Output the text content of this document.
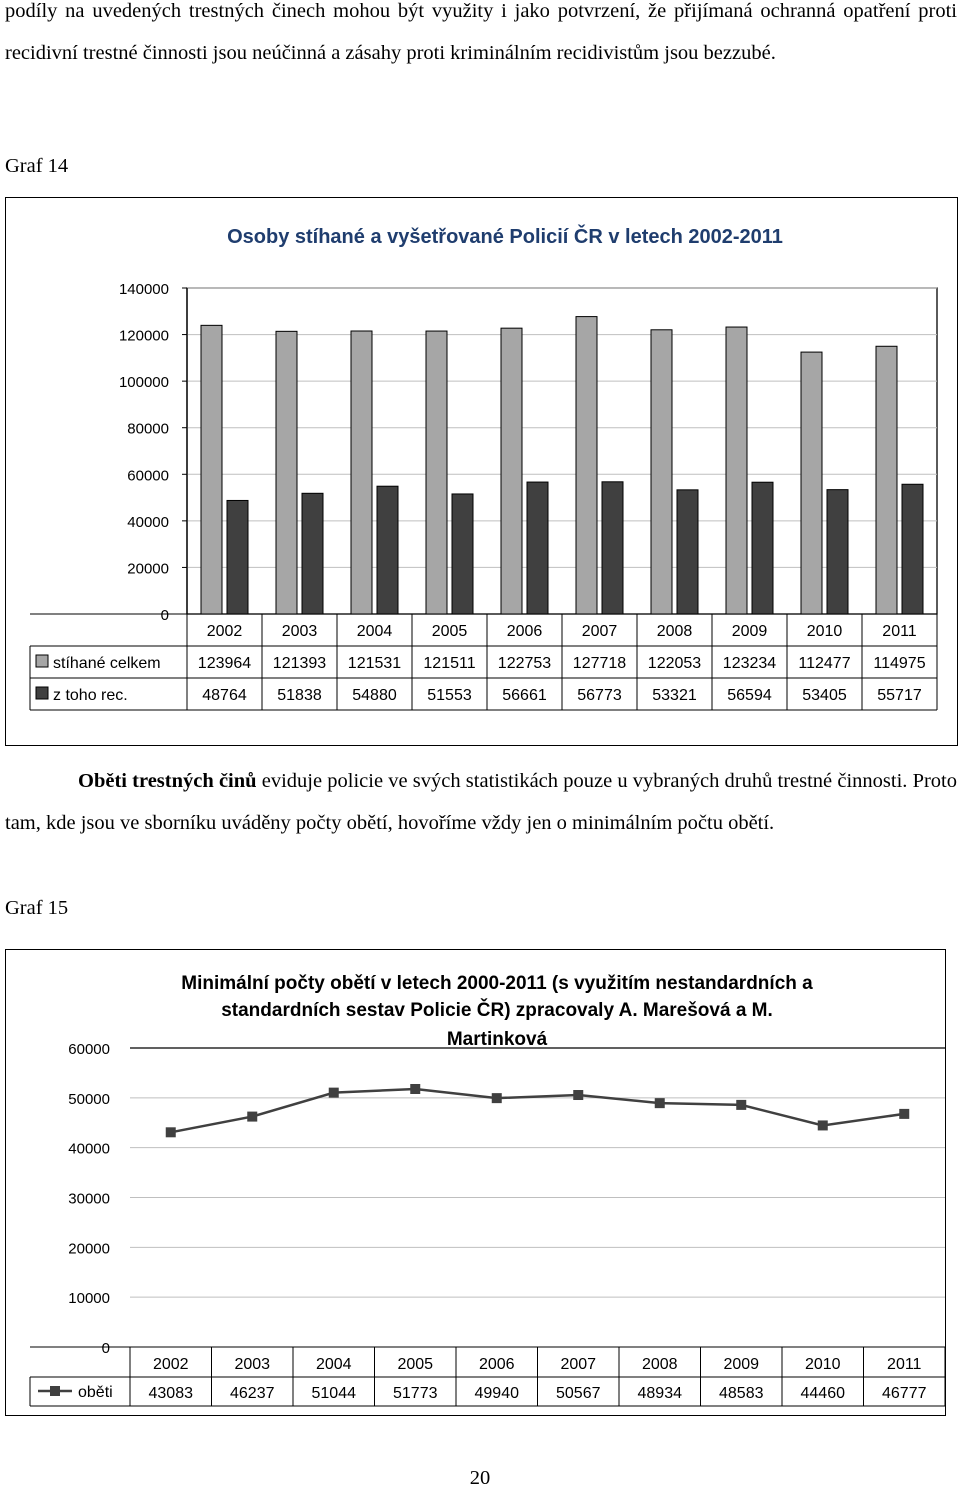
podíly na uvedených trestných činech mohou být využity i jako potvrzení, že přijímaná ochranná opatření proti recidivní trestné činnosti jsou neúčinná a zásahy proti kriminálním recidivistům jsou bezzubé.
Graf 14
Osoby stíhané a vyšetřované Policií ČR v letech 2002-2011
0
20000
40000
60000
80000
100000
120000
140000
2002 2003 2004 2005 2006 2007 2008 2009 2010	2011
stíhané celkem 123964 121393 121531 121511 122753 127718 122053 123234 112477 114975
z toho rec.	48764 51838 54880 51553 56661 56773 53321 56594 53405 55717
Oběti trestných činů eviduje policie ve svých statistikách pouze u vybraných druhů trestné činnosti. Proto tam, kde jsou ve sborníku uváděny počty obětí, hovoříme vždy jen o minimálním počtu obětí.
Graf 15
Minimální počty obětí v letech 2000-2011 (s využitím nestandardních a
standardních sestav Policie ČR) zpracovaly A. Marešová a M.
Martinková
0
10000
20000
30000
40000
50000
60000
2002
43083
2003
46237
2004
51044
2005
51773
2006
49940
2007
50567
2008
48934
2009
48583
2010
44460
2011
46777
oběti
20
